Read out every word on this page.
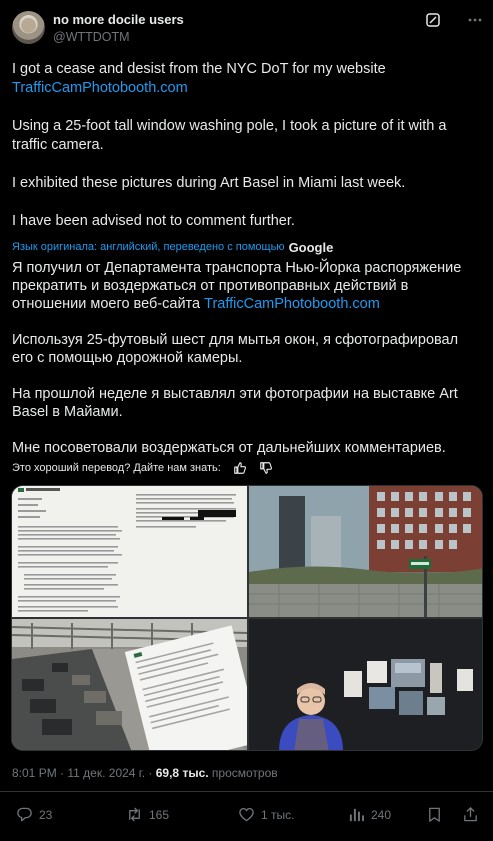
no more docile users
@WTTDOTM

I got a cease and desist from the NYC DoT for my website
TrafficCamPhotobooth.com

Using a 25-foot tall window washing pole, I took a picture of it with a traffic camera.

I exhibited these pictures during Art Basel in Miami last week.

I have been advised not to comment further.

Язык оригинала: английский, переведено с помощью Google

Я получил от Департамента транспорта Нью-Йорка распоряжение прекратить и воздержаться от противоправных действий в отношении моего веб-сайта TrafficCamPhotobooth.com

Используя 25-футовый шест для мытья окон, я сфотографировал его с помощью дорожной камеры.

На прошлой неделе я выставлял эти фотографии на выставке Art Basel в Майами.

Мне посоветовали воздержаться от дальнейших комментариев.

Это хороший перевод? Дайте нам знать:
8:01 PM · 11 дек. 2024 г. · 69,8 тыс. просмотров
23	165	1 тыс.	240
